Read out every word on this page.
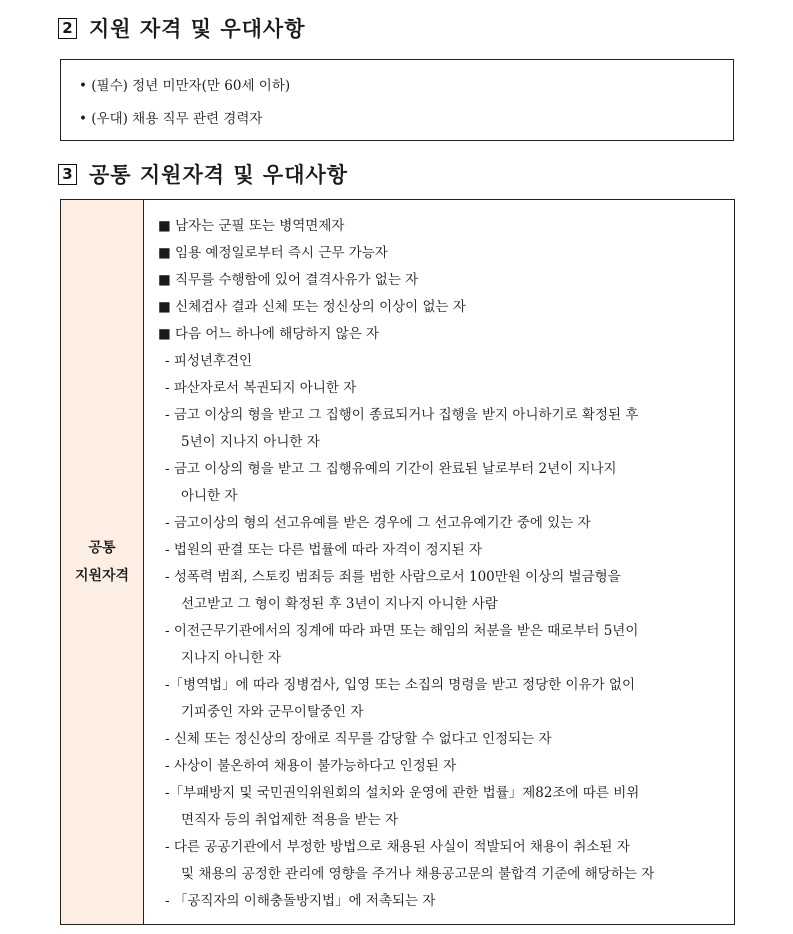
2 지원 자격 및 우대사항
• (필수) 정년 미만자(만 60세 이하)
• (우대) 채용 직무 관련 경력자
3 공통 지원자격 및 우대사항
공통
지원자격
■ 남자는 군필 또는 병역면제자
■ 임용 예정일로부터 즉시 근무 가능자
■ 직무를 수행함에 있어 결격사유가 없는 자
■ 신체검사 결과 신체 또는 정신상의 이상이 없는 자
■ 다음 어느 하나에 해당하지 않은 자
- 피성년후견인
- 파산자로서 복권되지 아니한 자
- 금고 이상의 형을 받고 그 집행이 종료되거나 집행을 받지 아니하기로 확정된 후
5년이 지나지 아니한 자
- 금고 이상의 형을 받고 그 집행유예의 기간이 완료된 날로부터 2년이 지나지
아니한 자
- 금고이상의 형의 선고유예를 받은 경우에 그 선고유예기간 중에 있는 자
- 법원의 판결 또는 다른 법률에 따라 자격이 정지된 자
- 성폭력 범죄, 스토킹 범죄등 죄를 범한 사람으로서 100만원 이상의 벌금형을
선고받고 그 형이 확정된 후 3년이 지나지 아니한 사람
- 이전근무기관에서의 징계에 따라 파면 또는 해임의 처분을 받은 때로부터 5년이
지나지 아니한 자
-「병역법」에 따라 징병검사, 입영 또는 소집의 명령을 받고 정당한 이유가 없이
기피중인 자와 군무이탈중인 자
- 신체 또는 정신상의 장애로 직무를 감당할 수 없다고 인정되는 자
- 사상이 불온하여 채용이 불가능하다고 인정된 자
-「부패방지 및 국민권익위원회의 설치와 운영에 관한 법률」제82조에 따른 비위
면직자 등의 취업제한 적용을 받는 자
- 다른 공공기관에서 부정한 방법으로 채용된 사실이 적발되어 채용이 취소된 자
및 채용의 공정한 관리에 영향을 주거나 채용공고문의 불합격 기준에 해당하는 자
- 「공직자의 이해충돌방지법」에 저촉되는 자
